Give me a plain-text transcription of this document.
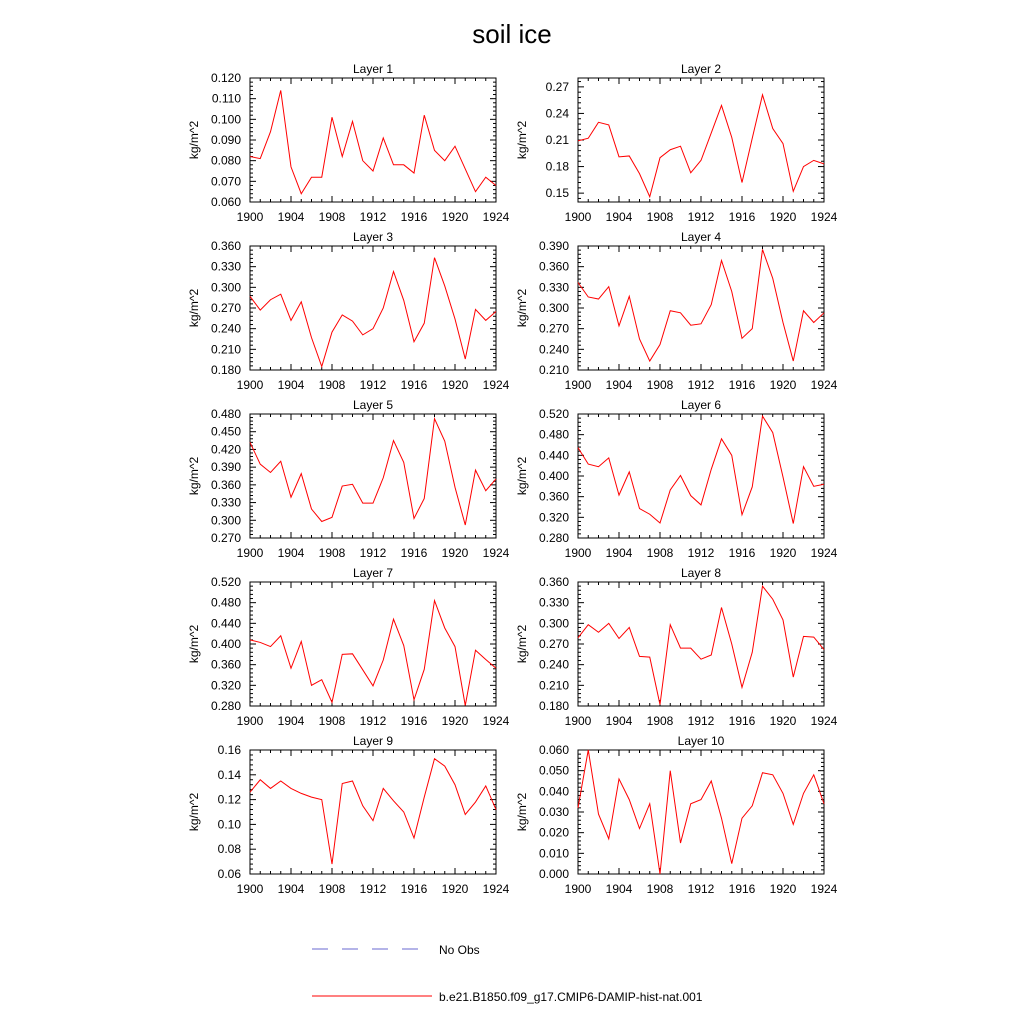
soil ice
Layer 1
kg/m^2
1900 1904 1908 1912 1916 1920 1924
0.060
0.070
0.080
0.090
0.100
0.110
0.120
Layer 2
kg/m^2
1900 1904 1908 1912 1916 1920 1924
0.15
0.18
0.21
0.24
0.27
Layer 3
kg/m^2
1900 1904 1908 1912 1916 1920 1924
0.180
0.210
0.240
0.270
0.300
0.330
0.360
Layer 4
kg/m^2
1900 1904 1908 1912 1916 1920 1924
0.210
0.240
0.270
0.300
0.330
0.360
0.390
Layer 5
kg/m^2
1900 1904 1908 1912 1916 1920 1924
0.270
0.300
0.330
0.360
0.390
0.420
0.450
0.480
Layer 6
kg/m^2
1900 1904 1908 1912 1916 1920 1924
0.280
0.320
0.360
0.400
0.440
0.480
0.520
Layer 7
kg/m^2
1900 1904 1908 1912 1916 1920 1924
0.280
0.320
0.360
0.400
0.440
0.480
0.520
Layer 8
kg/m^2
1900 1904 1908 1912 1916 1920 1924
0.180
0.210
0.240
0.270
0.300
0.330
0.360
Layer 9
kg/m^2
1900 1904 1908 1912 1916 1920 1924
0.06
0.08
0.10
0.12
0.14
0.16
Layer 10
kg/m^2
1900 1904 1908 1912 1916 1920 1924
0.000
0.010
0.020
0.030
0.040
0.050
0.060
No Obs
b.e21.B1850.f09_g17.CMIP6-DAMIP-hist-nat.001
